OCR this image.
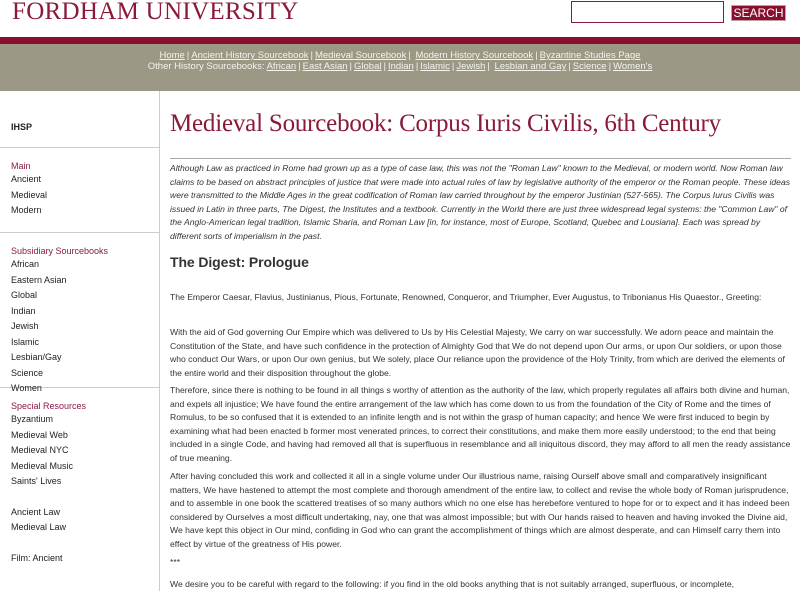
FORDHAM UNIVERSITY	SEARCH
Home | Ancient History Sourcebook | Medieval Sourcebook | Modern History Sourcebook | Byzantine Studies Page
Other History Sourcebooks: African | East Asian | Global | Indian | Islamic | Jewish | Lesbian and Gay | Science | Women's
IHSP
Main
Ancient
Medieval
Modern
Subsidiary Sourcebooks
African
Eastern Asian
Global
Indian
Jewish
Islamic
Lesbian/Gay
Science
Women
Special Resources
Byzantium
Medieval Web
Medieval NYC
Medieval Music
Saints' Lives
Ancient Law
Medieval Law
Film: Ancient
Medieval Sourcebook: Corpus Iuris Civilis, 6th Century

Although Law as practiced in Rome had grown up as a type of case law, this was not the "Roman Law" known to the Medieval, or modern world. Now Roman law claims to be based on abstract principles of justice that were made into actual rules of law by legislative authority of the emperor or the Roman people. These ideas were transmitted to the Middle Ages in the great codification of Roman law carried throughout by the emperor Justinian (527-565). The Corpus Iurus Civilis was issued in Latin in three parts, The Digest, the Institutes and a textbook. Currently in the World there are just three widespread legal systems: the "Common Law" of the Anglo-American legal tradition, Islamic Sharia, and Roman Law [in, for instance, most of Europe, Scotland, Quebec and Lousiana]. Each was spread by different sorts of imperialism in the past.

The Digest: Prologue

The Emperor Caesar, Flavius, Justinianus, Pious, Fortunate, Renowned, Conqueror, and Triumpher, Ever Augustus, to Tribonianus His Quaestor., Greeting:

With the aid of God governing Our Empire which was delivered to Us by His Celestial Majesty, We carry on war successfully. We adorn peace and maintain the Constitution of the State, and have such confidence in the protection of Almighty God that We do not depend upon Our arms, or upon Our soldiers, or upon those who conduct Our Wars, or upon Our own genius, but We solely, place Our reliance upon the providence of the Holy Trinity, from which are derived the elements of the entire world and their disposition throughout the globe.

Therefore, since there is nothing to be found in all things s worthy of attention as the authority of the law, which properly regulates all affairs both divine and human, and expels all injustice; We have found the entire arrangement of the law which has come down to us from the foundation of the City of Rome and the times of Romulus, to be so confused that it is extended to an infinite length and is not within the grasp of human capacity; and hence We were first induced to begin by examining what had been enacted b former most venerated princes, to correct their constitutions, and make them more easily understood; to the end that being included in a single Code, and having had removed all that is superfluous in resemblance and all iniquitous discord, they may afford to all men the ready assistance of true meaning.

After having concluded this work and collected it all in a single volume under Our illustrious name, raising Ourself above small and comparatively insignificant matters, We have hastened to attempt the most complete and thorough amendment of the entire law, to collect and revise the whole body of Roman jurisprudence, and to assemble in one book the scattered treatises of so many authors which no one else has herebefore ventured to hope for or to expect and it has indeed been considered by Ourselves a most difficult undertaking, nay, one that was almost impossible; but with Our hands raised to heaven and having invoked the Divine aid, We have kept this object in Our mind, confiding in God who can grant the accomplishment of things which are almost desperate, and can Himself carry them into effect by virtue of the greatness of His power.

***

We desire you to be careful with regard to the following: if you find in the old books anything that is not suitably arranged, superfluous, or incomplete,
